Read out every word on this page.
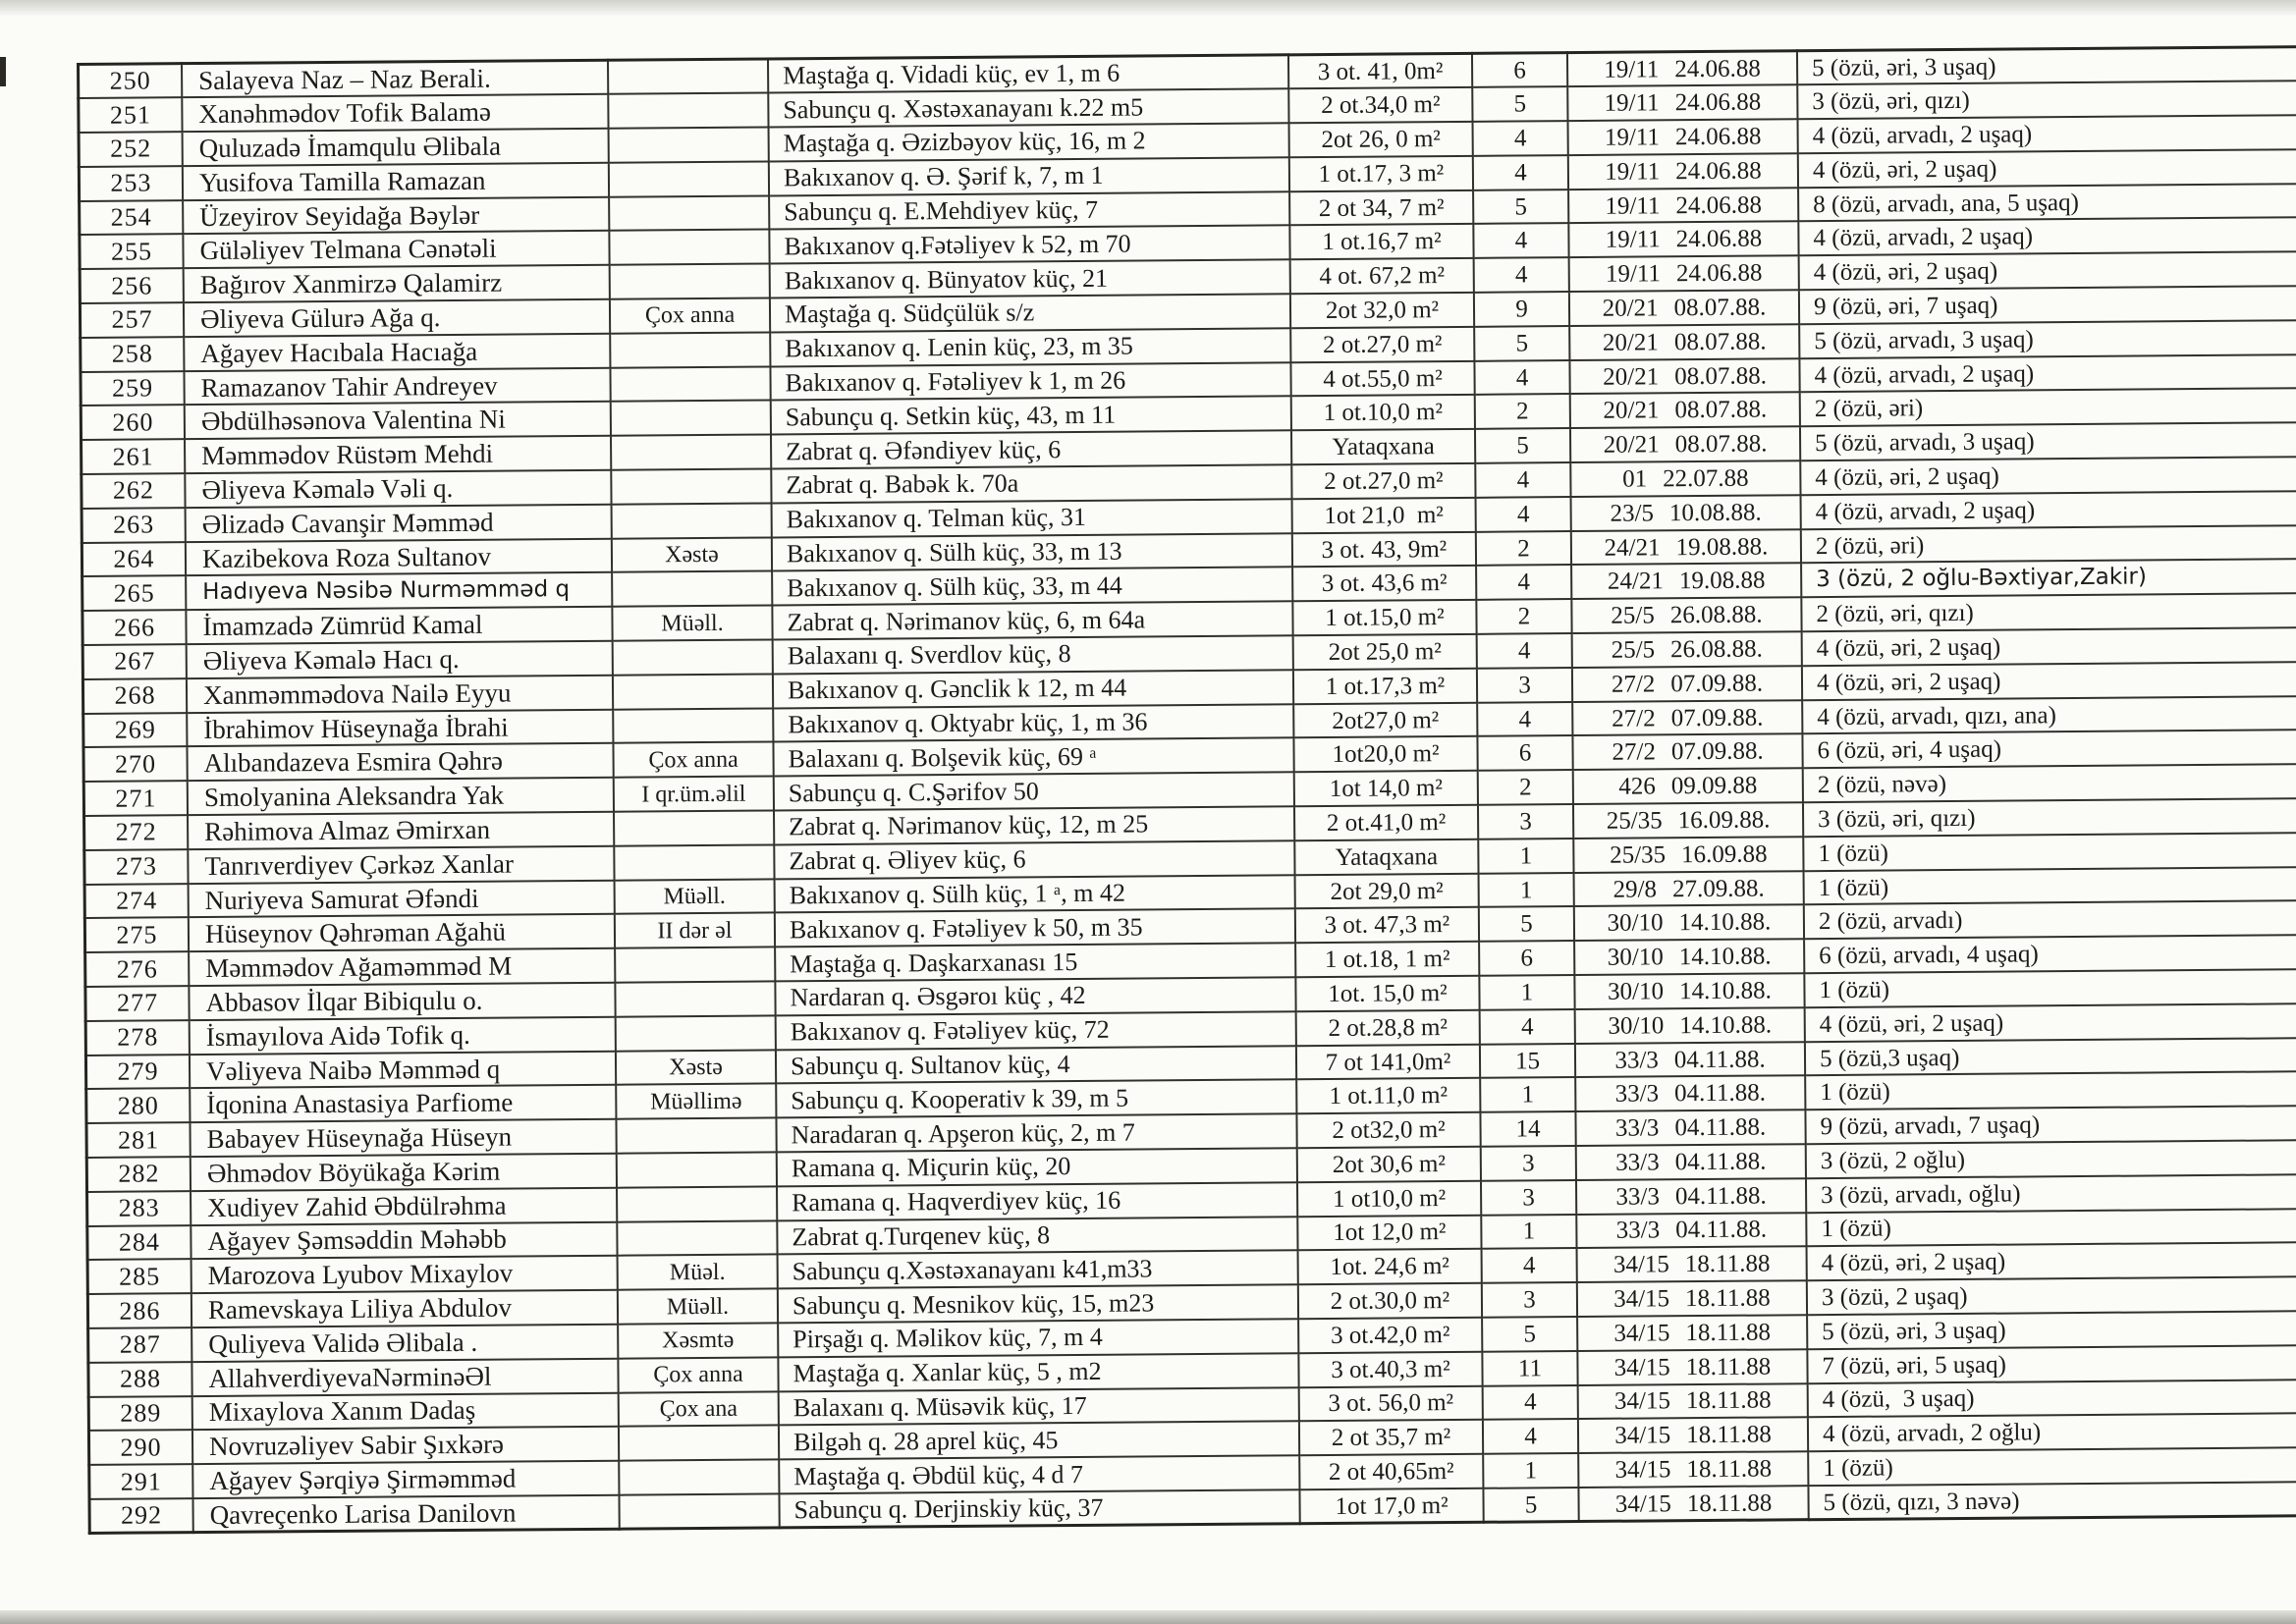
250	Salayeva Naz – Naz Berali.		Maştağa q. Vidadi küç, ev 1, m 6	3 ot. 41, 0m²	6	19/11 24.06.88	5 (özü, əri, 3 uşaq)
251	Xanəhmədov Tofik Balamə		Sabunçu q. Xəstəxanayanı k.22 m5	2 ot.34,0 m²	5	19/11 24.06.88	3 (özü, əri, qızı)
252	Quluzadə İmamqulu Əlibala		Maştağa q. Əzizbəyov küç, 16, m 2	2ot 26, 0 m²	4	19/11 24.06.88	4 (özü, arvadı, 2 uşaq)
253	Yusifova Tamilla Ramazan		Bakıxanov q. Ə. Şərif k, 7, m 1	1 ot.17, 3 m²	4	19/11 24.06.88	4 (özü, əri, 2 uşaq)
254	Üzeyirov Seyidağa Bəylər		Sabunçu q. E.Mehdiyev küç, 7	2 ot 34, 7 m²	5	19/11 24.06.88	8 (özü, arvadı, ana, 5 uşaq)
255	Güləliyev Telmana Cənətəli		Bakıxanov q.Fətəliyev k 52, m 70	1 ot.16,7 m²	4	19/11 24.06.88	4 (özü, arvadı, 2 uşaq)
256	Bağırov Xanmirzə Qalamirz		Bakıxanov q. Bünyatov küç, 21	4 ot. 67,2 m²	4	19/11 24.06.88	4 (özü, əri, 2 uşaq)
257	Əliyeva Gülurə Ağa q.	Çox anna	Maştağa q. Südçülük s/z	2ot 32,0 m²	9	20/21 08.07.88.	9 (özü, əri, 7 uşaq)
258	Ağayev Hacıbala Hacıağa		Bakıxanov q. Lenin küç, 23, m 35	2 ot.27,0 m²	5	20/21 08.07.88.	5 (özü, arvadı, 3 uşaq)
259	Ramazanov Tahir Andreyev		Bakıxanov q. Fətəliyev k 1, m 26	4 ot.55,0 m²	4	20/21 08.07.88.	4 (özü, arvadı, 2 uşaq)
260	Əbdülhəsənova Valentina Ni		Sabunçu q. Setkin küç, 43, m 11	1 ot.10,0 m²	2	20/21 08.07.88.	2 (özü, əri)
261	Məmmədov Rüstəm Mehdi		Zabrat q. Əfəndiyev küç, 6	Yataqxana	5	20/21 08.07.88.	5 (özü, arvadı, 3 uşaq)
262	Əliyeva Kəmalə Vəli q.		Zabrat q. Babək k. 70a	2 ot.27,0 m²	4	01 22.07.88	4 (özü, əri, 2 uşaq)
263	Əlizadə Cavanşir Məmməd		Bakıxanov q. Telman küç, 31	1ot 21,0  m²	4	23/5 10.08.88.	4 (özü, arvadı, 2 uşaq)
264	Kazibekova Roza Sultanov	Xəstə	Bakıxanov q. Sülh küç, 33, m 13	3 ot. 43, 9m²	2	24/21 19.08.88.	2 (özü, əri)
265	Hadıyeva Nəsibə Nurməmməd q		Bakıxanov q. Sülh küç, 33, m 44	3 ot. 43,6 m²	4	24/21 19.08.88	3 (özü, 2 oğlu-Bəxtiyar,Zakir)
266	İmamzadə Zümrüd Kamal	Müəll.	Zabrat q. Nərimanov küç, 6, m 64a	1 ot.15,0 m²	2	25/5 26.08.88.	2 (özü, əri, qızı)
267	Əliyeva Kəmalə Hacı q.		Balaxanı q. Sverdlov küç, 8	2ot 25,0 m²	4	25/5 26.08.88.	4 (özü, əri, 2 uşaq)
268	Xanməmmədova Nailə Eyyu		Bakıxanov q. Gənclik k 12, m 44	1 ot.17,3 m²	3	27/2 07.09.88.	4 (özü, əri, 2 uşaq)
269	İbrahimov Hüseynağa İbrahi		Bakıxanov q. Oktyabr küç, 1, m 36	2ot27,0 m²	4	27/2 07.09.88.	4 (özü, arvadı, qızı, ana)
270	Alıbandazeva Esmira Qəhrə	Çox anna	Balaxanı q. Bolşevik küç, 69 ᵃ	1ot20,0 m²	6	27/2 07.09.88.	6 (özü, əri, 4 uşaq)
271	Smolyanina Aleksandra Yak	I qr.üm.əlil	Sabunçu q. C.Şərifov 50	1ot 14,0 m²	2	426 09.09.88	2 (özü, nəvə)
272	Rəhimova Almaz Əmirxan		Zabrat q. Nərimanov küç, 12, m 25	2 ot.41,0 m²	3	25/35 16.09.88.	3 (özü, əri, qızı)
273	Tanrıverdiyev Çərkəz Xanlar		Zabrat q. Əliyev küç, 6	Yataqxana	1	25/35 16.09.88	1 (özü)
274	Nuriyeva Samurat Əfəndi	Müəll.	Bakıxanov q. Sülh küç, 1 ᵃ, m 42	2ot 29,0 m²	1	29/8 27.09.88.	1 (özü)
275	Hüseynov Qəhrəman Ağahü	II dər əl	Bakıxanov q. Fətəliyev k 50, m 35	3 ot. 47,3 m²	5	30/10 14.10.88.	2 (özü, arvadı)
276	Məmmədov Ağaməmməd M		Maştağa q. Daşkarxanası 15	1 ot.18, 1 m²	6	30/10 14.10.88.	6 (özü, arvadı, 4 uşaq)
277	Abbasov İlqar Bibiqulu o.		Nardaran q. Əsgəroı küç , 42	1ot. 15,0 m²	1	30/10 14.10.88.	1 (özü)
278	İsmayılova Aidə Tofik q.		Bakıxanov q. Fətəliyev küç, 72	2 ot.28,8 m²	4	30/10 14.10.88.	4 (özü, əri, 2 uşaq)
279	Vəliyeva Naibə Məmməd q	Xəstə	Sabunçu q. Sultanov küç, 4	7 ot 141,0m²	15	33/3 04.11.88.	5 (özü,3 uşaq)
280	İqonina Anastasiya Parfiome	Müəllimə	Sabunçu q. Kooperativ k 39, m 5	1 ot.11,0 m²	1	33/3 04.11.88.	1 (özü)
281	Babayev Hüseynağa Hüseyn		Naradaran q. Apşeron küç, 2, m 7	2 ot32,0 m²	14	33/3 04.11.88.	9 (özü, arvadı, 7 uşaq)
282	Əhmədov Böyükağa Kərim		Ramana q. Miçurin küç, 20	2ot 30,6 m²	3	33/3 04.11.88.	3 (özü, 2 oğlu)
283	Xudiyev Zahid Əbdülrəhma		Ramana q. Haqverdiyev küç, 16	1 ot10,0 m²	3	33/3 04.11.88.	3 (özü, arvadı, oğlu)
284	Ağayev Şəmsəddin Məhəbb		Zabrat q.Turqenev küç, 8	1ot 12,0 m²	1	33/3 04.11.88.	1 (özü)
285	Marozova Lyubov Mixaylov	Müəl.	Sabunçu q.Xəstəxanayanı k41,m33	1ot. 24,6 m²	4	34/15 18.11.88	4 (özü, əri, 2 uşaq)
286	Ramevskaya Liliya Abdulov	Müəll.	Sabunçu q. Mesnikov küç, 15, m23	2 ot.30,0 m²	3	34/15 18.11.88	3 (özü, 2 uşaq)
287	Quliyeva Validə Əlibala .	Xəsmtə	Pirşağı q. Məlikov küç, 7, m 4	3 ot.42,0 m²	5	34/15 18.11.88	5 (özü, əri, 3 uşaq)
288	AllahverdiyevaNərminəƏl	Çox anna	Maştağa q. Xanlar küç, 5 , m2	3 ot.40,3 m²	11	34/15 18.11.88	7 (özü, əri, 5 uşaq)
289	Mixaylova Xanım Dadaş	Çox ana	Balaxanı q. Müsəvik küç, 17	3 ot. 56,0 m²	4	34/15 18.11.88	4 (özü,  3 uşaq)
290	Novruzəliyev Sabir Şıxkərə		Bilgəh q. 28 aprel küç, 45	2 ot 35,7 m²	4	34/15 18.11.88	4 (özü, arvadı, 2 oğlu)
291	Ağayev Şərqiyə Şirməmməd		Maştağa q. Əbdül küç, 4 d 7	2 ot 40,65m²	1	34/15 18.11.88	1 (özü)
292	Qavreçenko Larisa Danilovn		Sabunçu q. Derjinskiy küç, 37	1ot 17,0 m²	5	34/15 18.11.88	5 (özü, qızı, 3 nəvə)
